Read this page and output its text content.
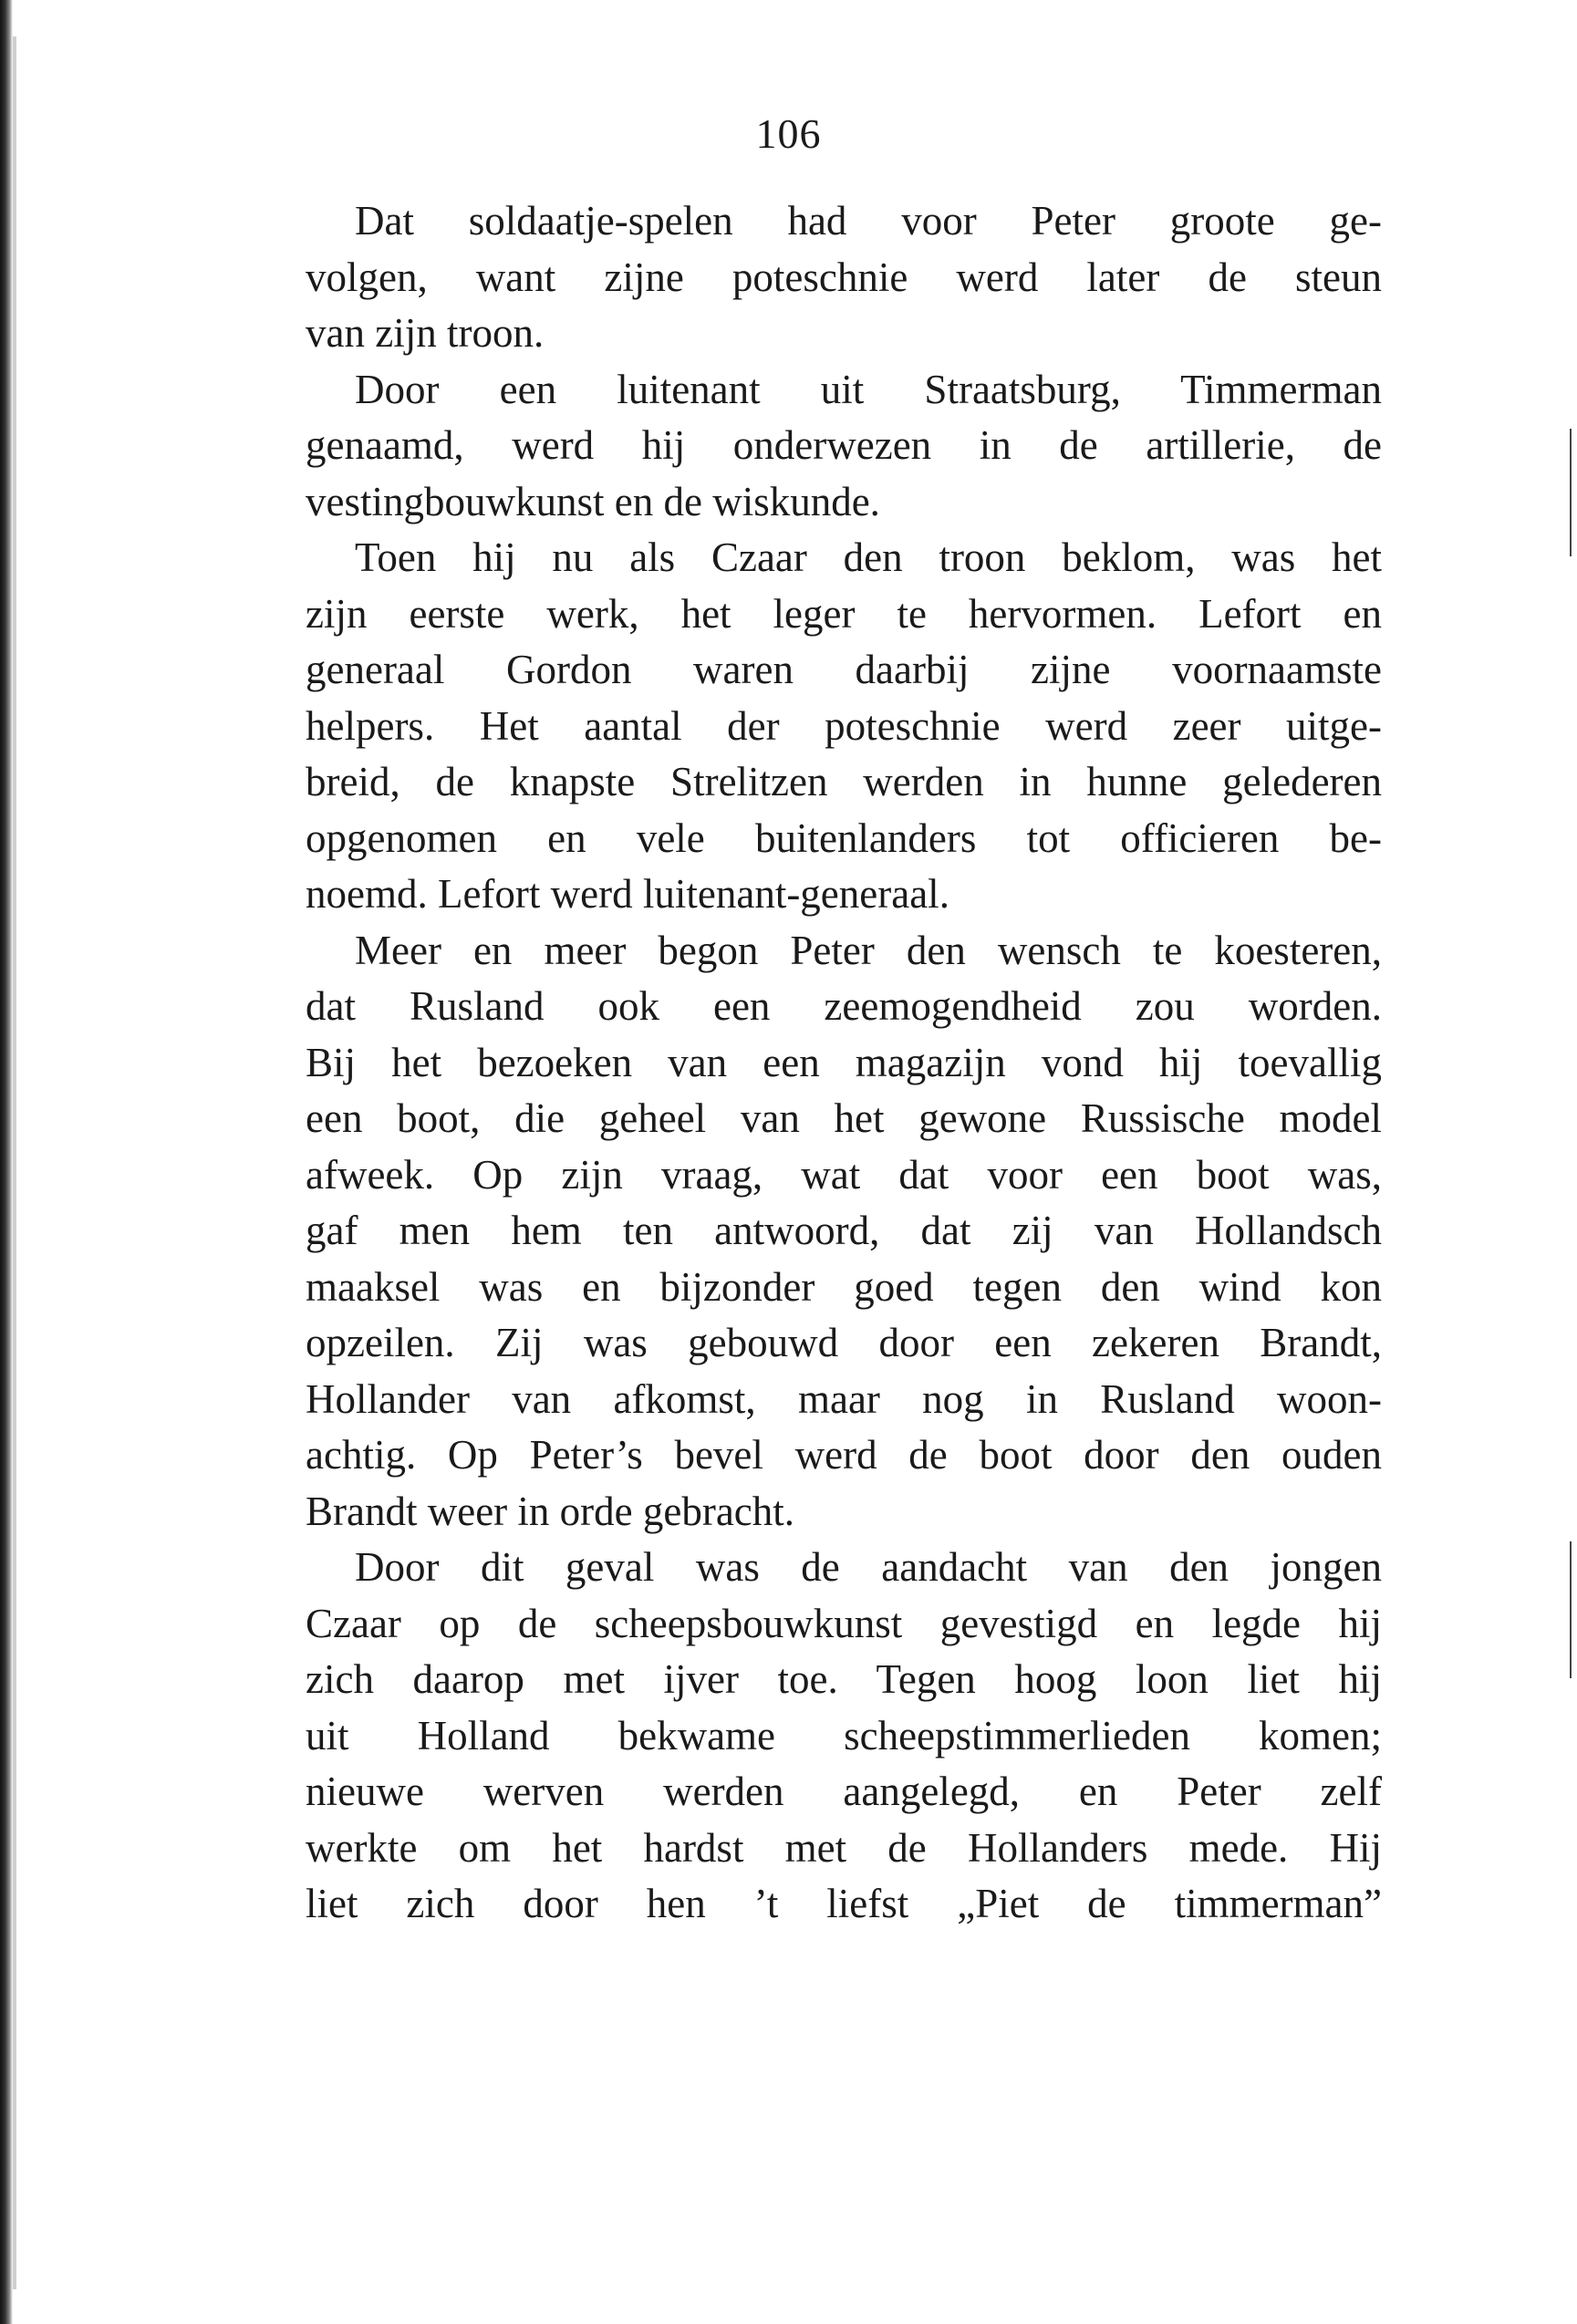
106
Dat soldaatje-spelen had voor Peter groote ge-
volgen, want zijne poteschnie werd later de steun
van zijn troon.
Door een luitenant uit Straatsburg, Timmerman
genaamd, werd hij onderwezen in de artillerie, de
vestingbouwkunst en de wiskunde.
Toen hij nu als Czaar den troon beklom, was het
zijn eerste werk, het leger te hervormen. Lefort en
generaal Gordon waren daarbij zijne voornaamste
helpers. Het aantal der poteschnie werd zeer uitge-
breid, de knapste Strelitzen werden in hunne gelederen
opgenomen en vele buitenlanders tot officieren be-
noemd. Lefort werd luitenant-generaal.
Meer en meer begon Peter den wensch te koesteren,
dat Rusland ook een zeemogendheid zou worden.
Bij het bezoeken van een magazijn vond hij toevallig
een boot, die geheel van het gewone Russische model
afweek. Op zijn vraag, wat dat voor een boot was,
gaf men hem ten antwoord, dat zij van Hollandsch
maaksel was en bijzonder goed tegen den wind kon
opzeilen. Zij was gebouwd door een zekeren Brandt,
Hollander van afkomst, maar nog in Rusland woon-
achtig. Op Peter’s bevel werd de boot door den ouden
Brandt weer in orde gebracht.
Door dit geval was de aandacht van den jongen
Czaar op de scheepsbouwkunst gevestigd en legde hij
zich daarop met ijver toe. Tegen hoog loon liet hij
uit Holland bekwame scheepstimmerlieden komen;
nieuwe werven werden aangelegd, en Peter zelf
werkte om het hardst met de Hollanders mede. Hij
liet zich door hen ’t liefst „Piet de timmerman”
